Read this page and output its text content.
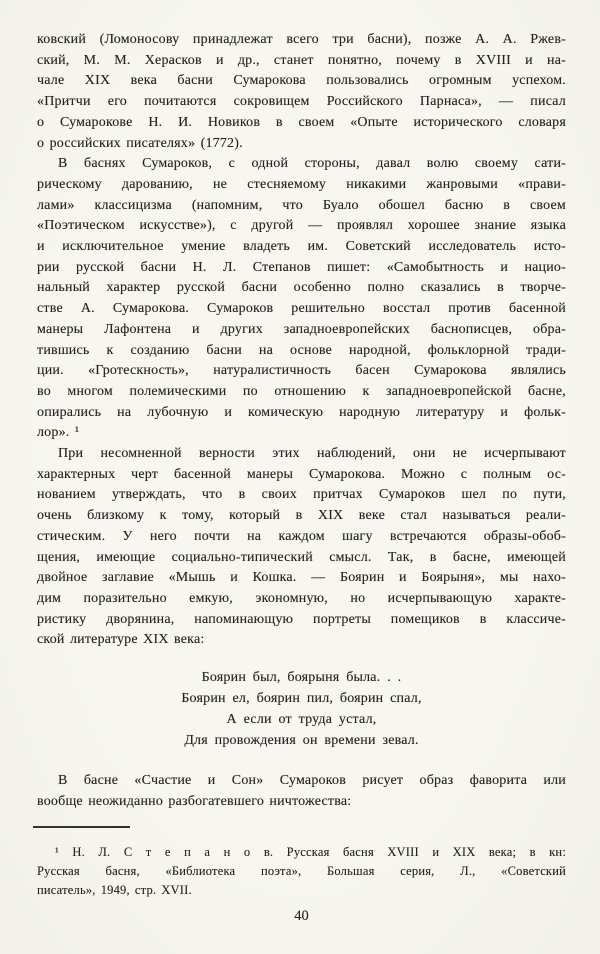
ковский (Ломоносову принадлежат всего три басни), позже А. А. Ржев-
ский, М. М. Херасков и др., станет понятно, почему в XVIII и на-
чале XIX века басни Сумарокова пользовались огромным успехом.
«Притчи его почитаются сокровищем Российского Парнаса», — писал
о Сумарокове Н. И. Новиков в своем «Опыте исторического словаря
о российских писателях» (1772).
В баснях Сумароков, с одной стороны, давал волю своему сати-
рическому дарованию, не стесняемому никакими жанровыми «прави-
лами» классицизма (напомним, что Буало обошел басню в своем
«Поэтическом искусстве»), с другой — проявлял хорошее знание языка
и исключительное умение владеть им. Советский исследователь исто-
рии русской басни Н. Л. Степанов пишет: «Самобытность и нацио-
нальный характер русской басни особенно полно сказались в творче-
стве А. Сумарокова. Сумароков решительно восстал против басенной
манеры Лафонтена и других западноевропейских баснописцев, обра-
тившись к созданию басни на основе народной, фольклорной тради-
ции. «Гротескность», натуралистичность басен Сумарокова являлись
во многом полемическими по отношению к западноевропейской басне,
опирались на лубочную и комическую народную литературу и фольк-
лор». ¹
При несомненной верности этих наблюдений, они не исчерпывают
характерных черт басенной манеры Сумарокова. Можно с полным ос-
нованием утверждать, что в своих притчах Сумароков шел по пути,
очень близкому к тому, который в XIX веке стал называться реали-
стическим. У него почти на каждом шагу встречаются образы-обоб-
щения, имеющие социально-типический смысл. Так, в басне, имеющей
двойное заглавие «Мышь и Кошка. — Боярин и Боярыня», мы нахо-
дим поразительно емкую, экономную, но исчерпывающую характе-
ристику дворянина, напоминающую портреты помещиков в классиче-
ской литературе XIX века:
Боярин был, боярыня была. . .
Боярин ел, боярин пил, боярин спал,
А если от труда устал,
Для провождения он времени зевал.
В басне «Счастие и Сон» Сумароков рисует образ фаворита или
вообще неожиданно разбогатевшего ничтожества:
¹ Н. Л. С т е п а н о в. Русская басня XVIII и XIX века; в кн:
Русская басня, «Библиотека поэта», Большая серия, Л., «Советский
писатель», 1949, стр. XVII.
40
